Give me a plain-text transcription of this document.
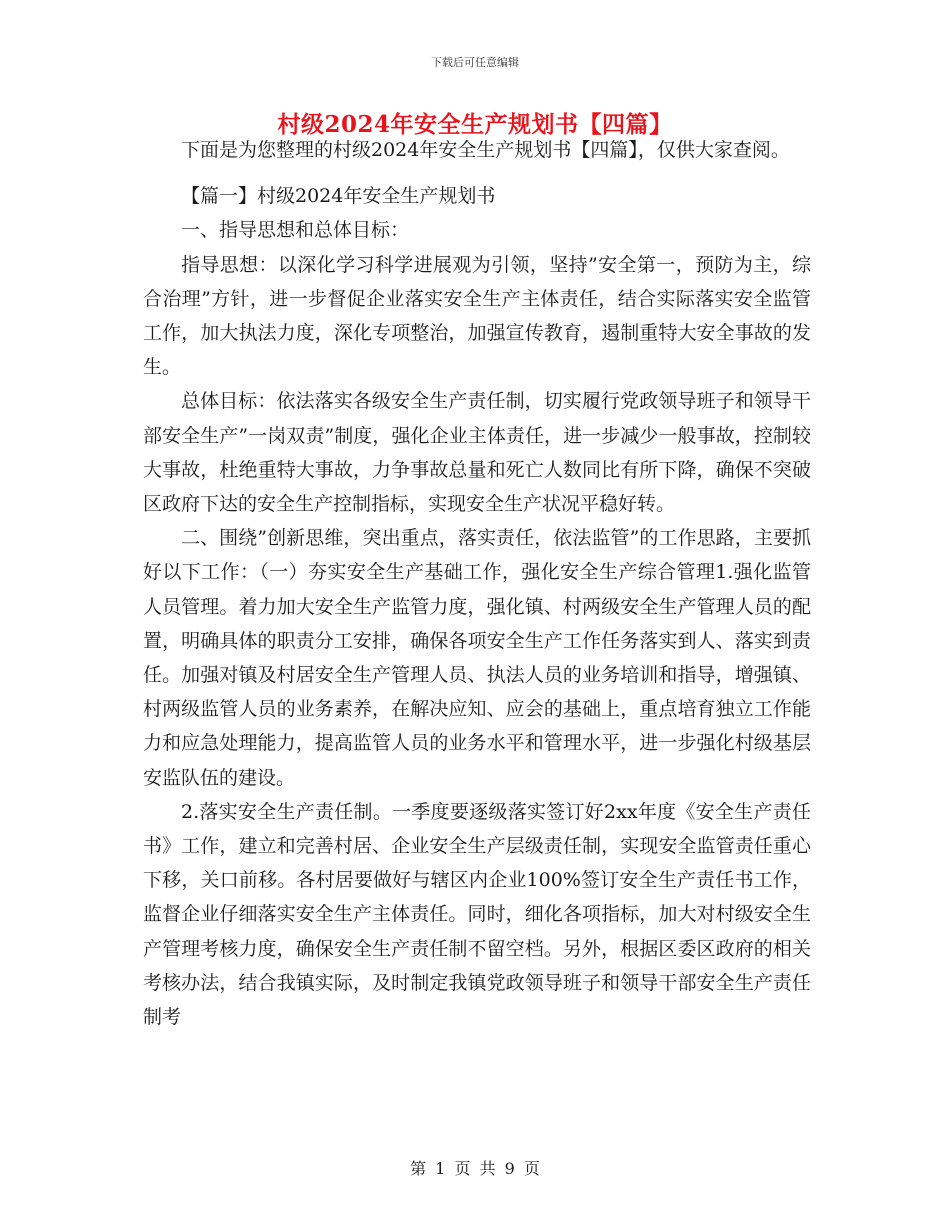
下载后可任意编辑
村级2024年安全生产规划书【四篇】

下面是为您整理的村级2024年安全生产规划书【四篇】，仅供大家查阅。

【篇一】村级2024年安全生产规划书

一、指导思想和总体目标：

指导思想：以深化学习科学进展观为引领，坚持”安全第一，预防为主，综合治理”方针，进一步督促企业落实安全生产主体责任，结合实际落实安全监管工作，加大执法力度，深化专项整治，加强宣传教育，遏制重特大安全事故的发生。

总体目标：依法落实各级安全生产责任制，切实履行党政领导班子和领导干部安全生产”一岗双责”制度，强化企业主体责任，进一步减少一般事故，控制较大事故，杜绝重特大事故，力争事故总量和死亡人数同比有所下降，确保不突破区政府下达的安全生产控制指标，实现安全生产状况平稳好转。

二、围绕”创新思维，突出重点，落实责任，依法监管”的工作思路，主要抓好以下工作：（一）夯实安全生产基础工作，强化安全生产综合管理1.强化监管人员管理。着力加大安全生产监管力度，强化镇、村两级安全生产管理人员的配置，明确具体的职责分工安排，确保各项安全生产工作任务落实到人、落实到责任。加强对镇及村居安全生产管理人员、执法人员的业务培训和指导，增强镇、村两级监管人员的业务素养，在解决应知、应会的基础上，重点培育独立工作能力和应急处理能力，提高监管人员的业务水平和管理水平，进一步强化村级基层安监队伍的建设。

2.落实安全生产责任制。一季度要逐级落实签订好2xx年度《安全生产责任书》工作，建立和完善村居、企业安全生产层级责任制，实现安全监管责任重心下移，关口前移。各村居要做好与辖区内企业100%签订安全生产责任书工作，监督企业仔细落实安全生产主体责任。同时，细化各项指标，加大对村级安全生产管理考核力度，确保安全生产责任制不留空档。另外，根据区委区政府的相关考核办法，结合我镇实际，及时制定我镇党政领导班子和领导干部安全生产责任制考

第 1 页 共 9 页
